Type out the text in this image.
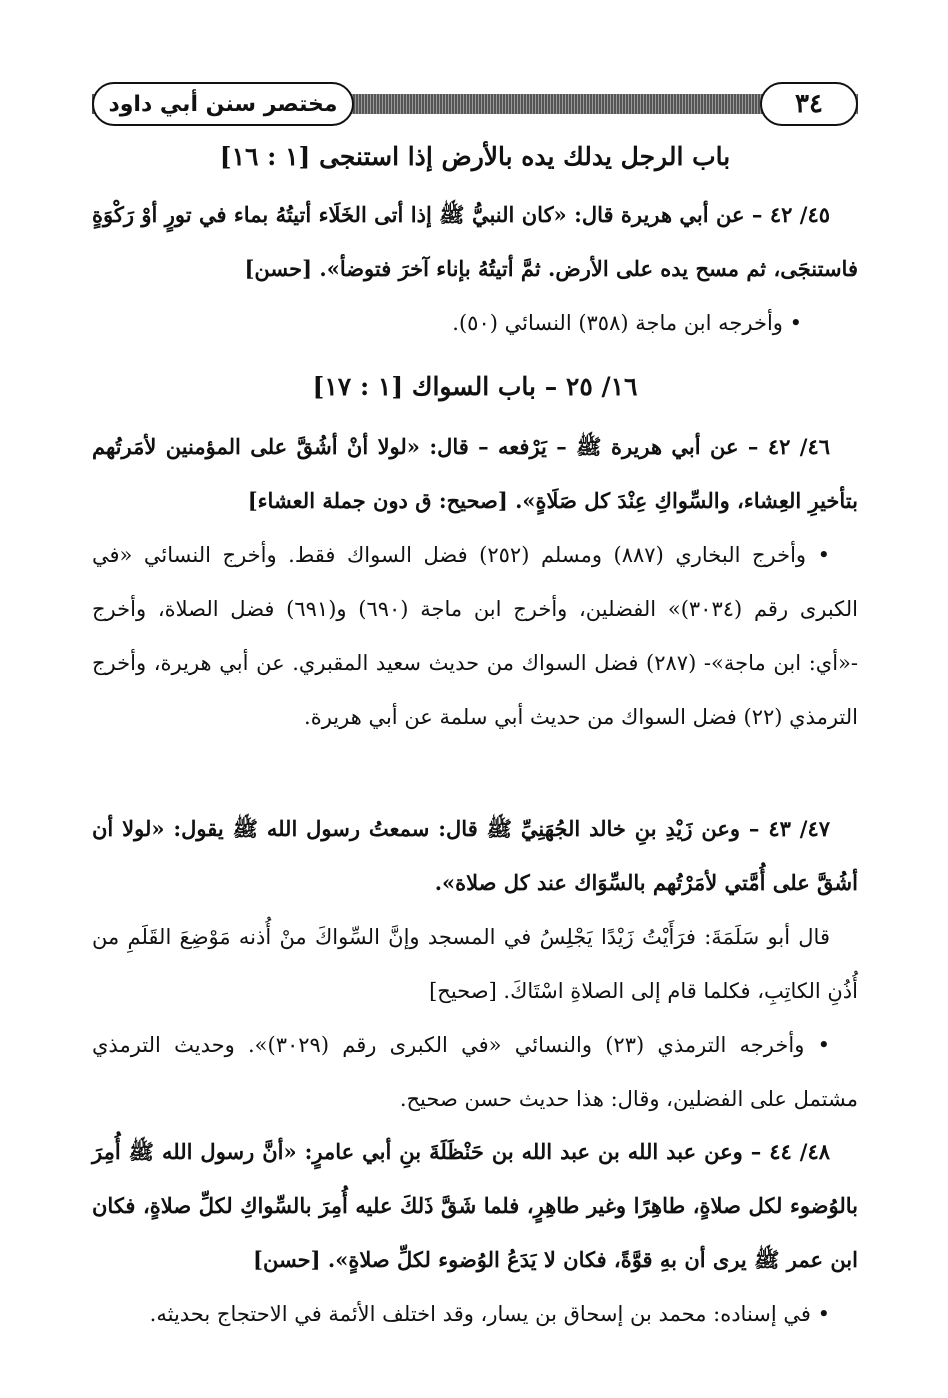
٣٤
مختصر سنن أبي داود
باب الرجل يدلك يده بالأرض إذا استنجى [١ : ١٦]

٤٥/ ٤٢ – عن أبي هريرة قال: «كان النبيُّ ﷺ إذا أتى الخَلَاء أتيتُهُ بماء في تورٍ أوْ رَكْوَةٍ فاستنجَى، ثم مسح يده على الأرض. ثمَّ أتيتُهُ بإناء آخرَ فتوضأ». [حسن]

• وأخرجه ابن ماجة (٣٥٨) النسائي (٥٠).

١٦/ ٢٥ – باب السواك [١ : ١٧]

٤٦/ ٤٢ – عن أبي هريرة ﷺ – يَرْفعه – قال: «لولا أنْ أشُقَّ على المؤمنين لأمَرتُهم بتأخيرِ العِشاء، والسِّواكِ عِنْدَ كل صَلَاةٍ». [صحيح: ق دون جملة العشاء]

• وأخرج البخاري (٨٨٧) ومسلم (٢٥٢) فضل السواك فقط. وأخرج النسائي «في الكبرى رقم (٣٠٣٤)» الفضلين، وأخرج ابن ماجة (٦٩٠) و(٦٩١) فضل الصلاة، وأخرج -«أي: ابن ماجة»- (٢٨٧) فضل السواك من حديث سعيد المقبري. عن أبي هريرة، وأخرج الترمذي (٢٢) فضل السواك من حديث أبي سلمة عن أبي هريرة.

٤٧/ ٤٣ – وعن زَيْدِ بنِ خالد الجُهَنِيِّ ﷺ قال: سمعتُ رسول الله ﷺ يقول: «لولا أن أشُقَّ على أُمَّتي لأمَرْتُهم بالسِّوَاك عند كل صلاة».

قال أبو سَلَمَةَ: فرَأَيْتُ زَيْدًا يَجْلِسُ في المسجد وإنَّ السِّواكَ منْ أُذنه مَوْضِعَ القَلَمِ من أُذُنِ الكاتِبِ، فكلما قام إلى الصلاةِ اسْتَاكَ. [صحيح]

• وأخرجه الترمذي (٢٣) والنسائي «في الكبرى رقم (٣٠٢٩)». وحديث الترمذي مشتمل على الفضلين، وقال: هذا حديث حسن صحيح.

٤٨/ ٤٤ – وعن عبد الله بن عبد الله بن حَنْظَلَةَ بنِ أبي عامرٍ: «أنَّ رسول الله ﷺ أُمِرَ بالوُضوء لكل صلاةٍ، طاهِرًا وغير طاهِرٍ، فلما شَقَّ ذَلكَ عليه أُمِرَ بالسِّواكِ لكلِّ صلاةٍ، فكان ابن عمر ﷺ يرى أن بهِ قوَّةً، فكان لا يَدَعُ الوُضوء لكلِّ صلاةٍ». [حسن]

• في إسناده: محمد بن إسحاق بن يسار، وقد اختلف الأئمة في الاحتجاج بحديثه.
